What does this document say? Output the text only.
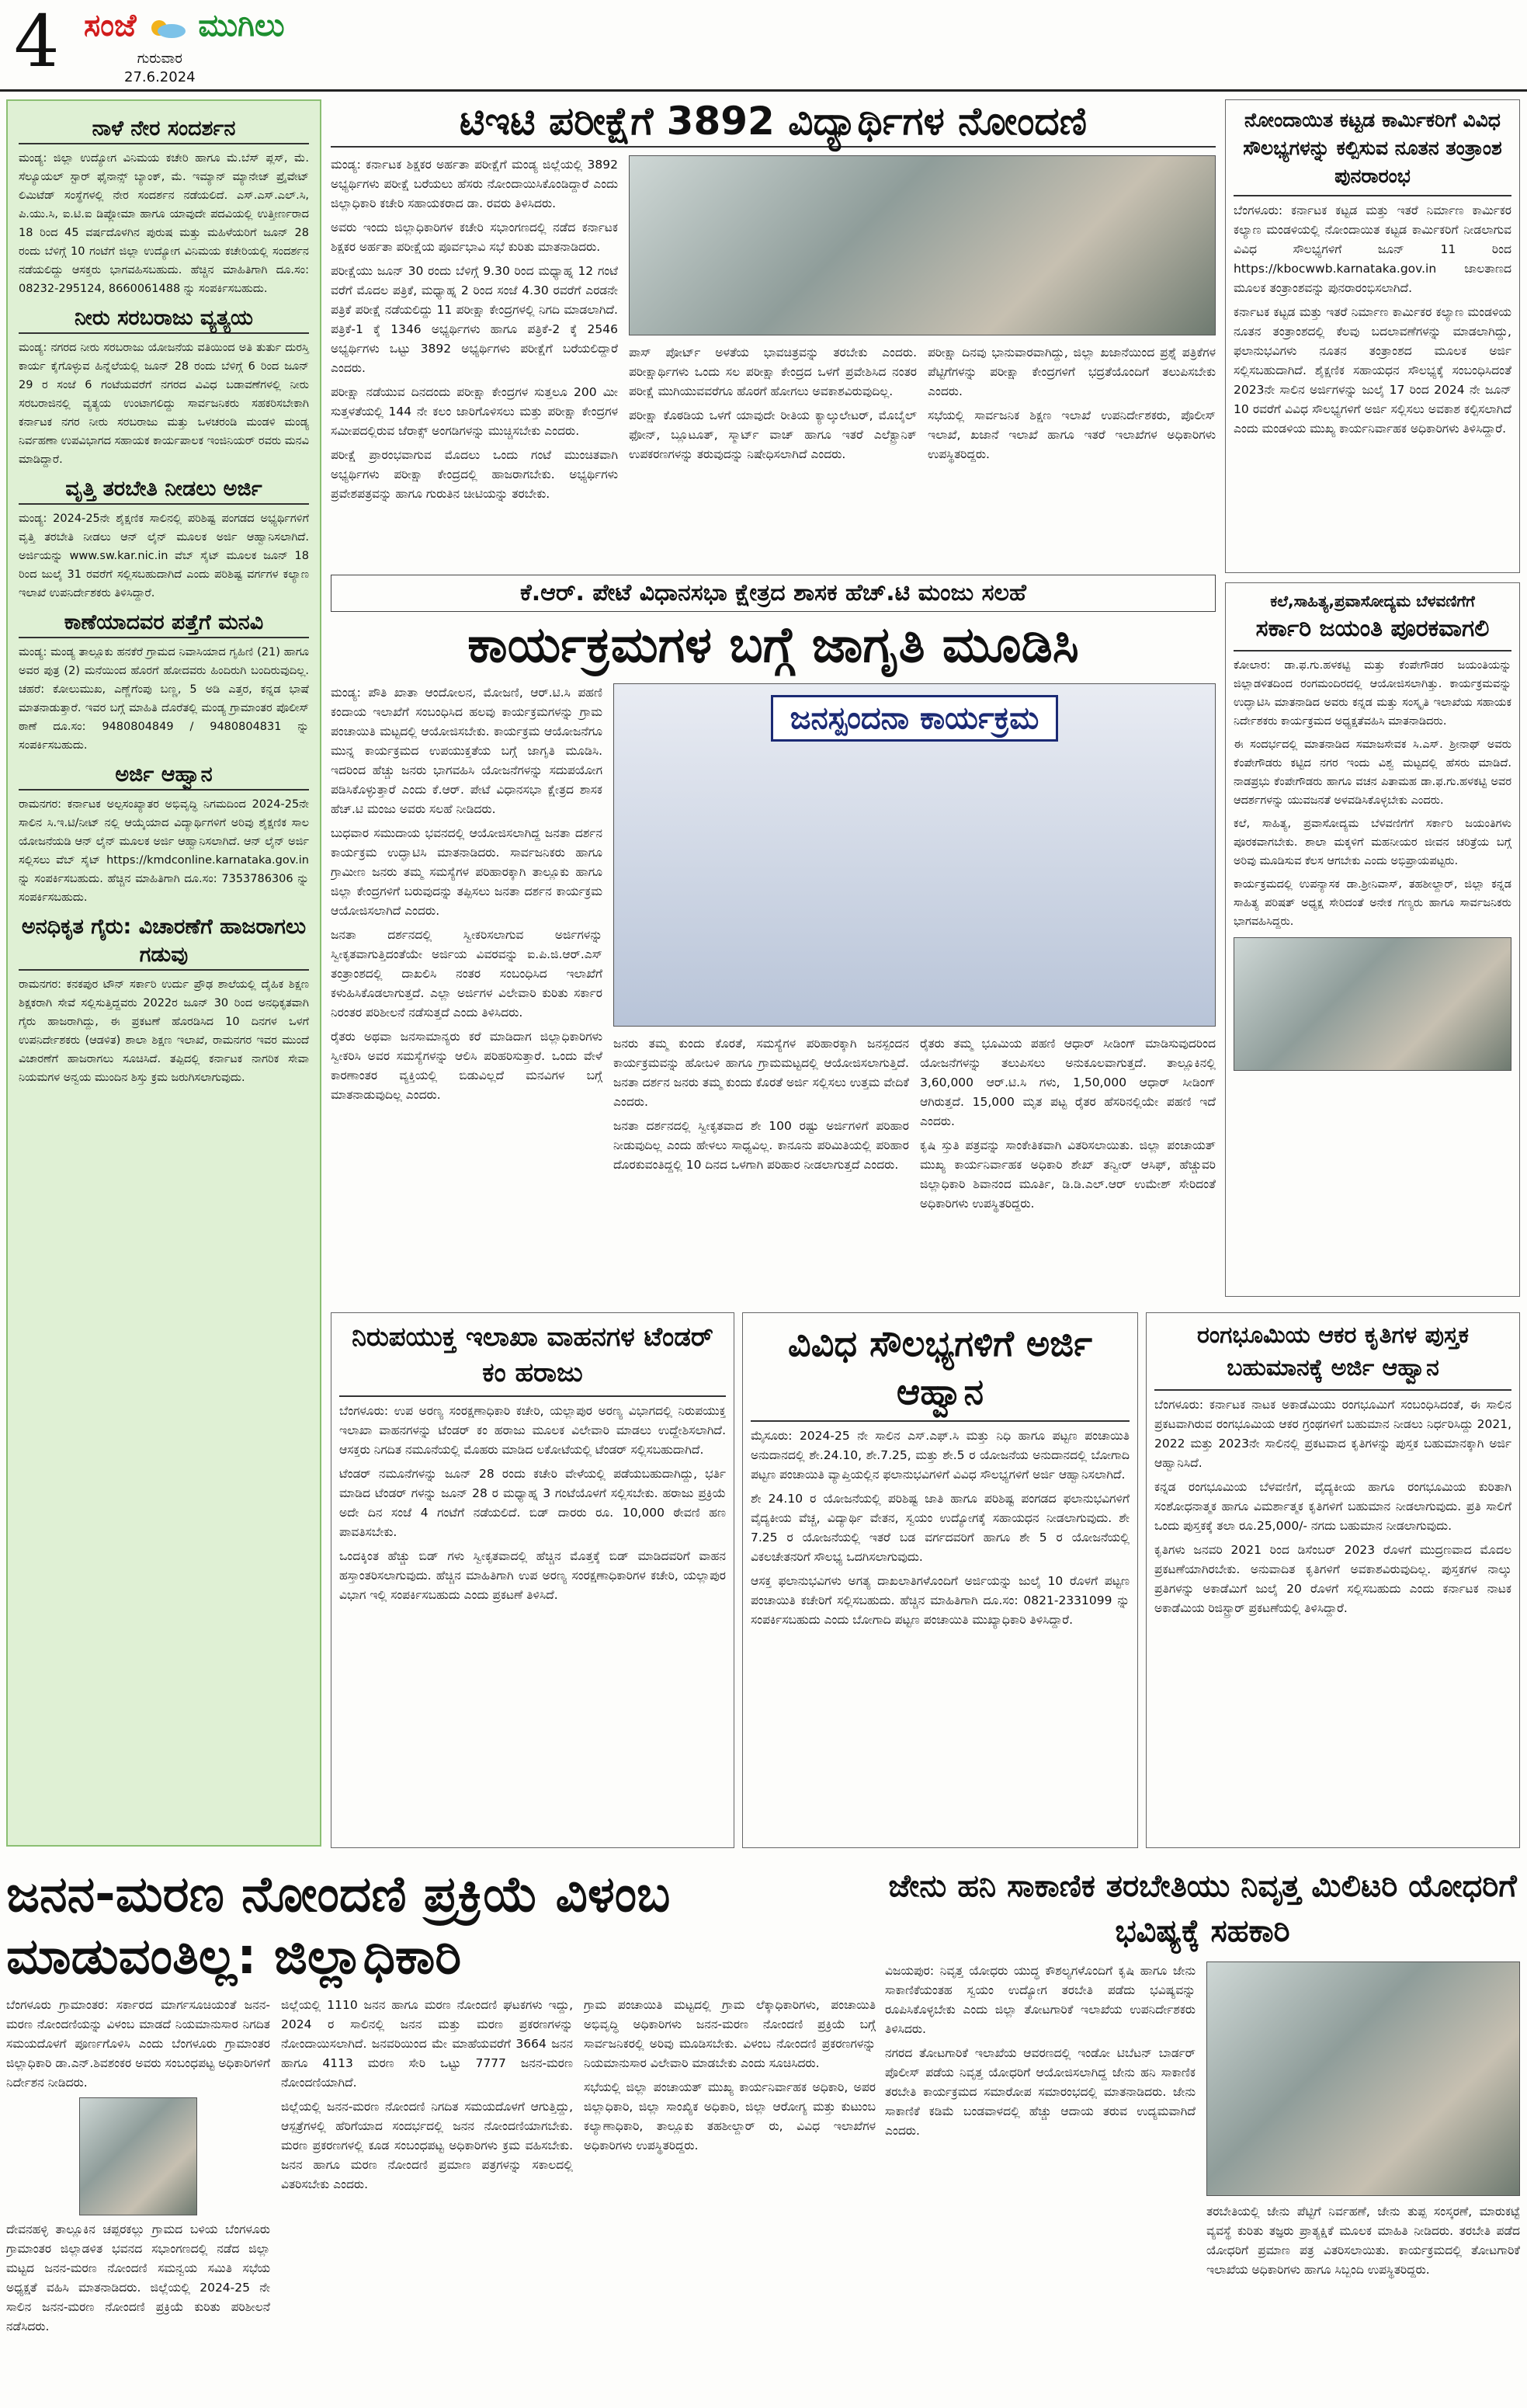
4 ಸಂಜೆ ಮುಗಿಲು
ಗುರುವಾರ
27.6.2024
ನಾಳೆ ನೇರ ಸಂದರ್ಶನ

ಮಂಡ್ಯ: ಜಿಲ್ಲಾ ಉದ್ಯೋಗ ವಿನಿಮಯ ಕಚೇರಿ ಹಾಗೂ ಮೆ.ಬೆಸ್ ಪ್ಲಸ್, ಮೆ. ಸೆಲ್ಯೂಯಲ್ ಸ್ಟಾರ್ ಫೈನಾನ್ಸ್ ಬ್ಯಾಂಕ್, ಮೆ. ಇಮ್ಯಾನ್ ಮ್ಯಾನೇಜ್ ಪ್ರೈವೇಟ್ ಲಿಮಿಟೆಡ್ ಸಂಸ್ಥೆಗಳಲ್ಲಿ ನೇರ ಸಂದರ್ಶನ ನಡೆಯಲಿದೆ. ಎಸ್.ಎಸ್.ಎಲ್.ಸಿ, ಪಿ.ಯು.ಸಿ, ಐ.ಟಿ.ಐ ಡಿಪ್ಲೋಮಾ ಹಾಗೂ ಯಾವುದೇ ಪದವಿಯಲ್ಲಿ ಉತ್ತೀರ್ಣರಾದ 18 ರಿಂದ 45 ವರ್ಷದೊಳಗಿನ ಪುರುಷ ಮತ್ತು ಮಹಿಳೆಯರಿಗೆ ಜೂನ್ 28 ರಂದು ಬೆಳಿಗ್ಗೆ 10 ಗಂಟೆಗೆ ಜಿಲ್ಲಾ ಉದ್ಯೋಗ ವಿನಿಮಯ ಕಚೇರಿಯಲ್ಲಿ ಸಂದರ್ಶನ ನಡೆಯಲಿದ್ದು ಆಸಕ್ತರು ಭಾಗವಹಿಸಬಹುದು. ಹೆಚ್ಚಿನ ಮಾಹಿತಿಗಾಗಿ ದೂ.ಸಂ: 08232-295124, 8660061488 ನ್ನು ಸಂಪರ್ಕಿಸಬಹುದು.

ನೀರು ಸರಬರಾಜು ವ್ಯತ್ಯಯ

ಮಂಡ್ಯ: ನಗರದ ನೀರು ಸರಬರಾಜು ಯೋಜನೆಯ ವತಿಯಿಂದ ಅತಿ ತುರ್ತು ದುರಸ್ತಿ ಕಾರ್ಯ ಕೈಗೊಳ್ಳುವ ಹಿನ್ನೆಲೆಯಲ್ಲಿ ಜೂನ್ 28 ರಂದು ಬೆಳಿಗ್ಗೆ 6 ರಿಂದ ಜೂನ್ 29 ರ ಸಂಜೆ 6 ಗಂಟೆಯವರೆಗೆ ನಗರದ ವಿವಿಧ ಬಡಾವಣೆಗಳಲ್ಲಿ ನೀರು ಸರಬರಾಜಿನಲ್ಲಿ ವ್ಯತ್ಯಯ ಉಂಟಾಗಲಿದ್ದು ಸಾರ್ವಜನಿಕರು ಸಹಕರಿಸಬೇಕಾಗಿ ಕರ್ನಾಟಕ ನಗರ ನೀರು ಸರಬರಾಜು ಮತ್ತು ಒಳಚರಂಡಿ ಮಂಡಳಿ ಮಂಡ್ಯ ನಿರ್ವಹಣಾ ಉಪವಿಭಾಗದ ಸಹಾಯಕ ಕಾರ್ಯಪಾಲಕ ಇಂಜಿನಿಯರ್ ರವರು ಮನವಿ ಮಾಡಿದ್ದಾರೆ.

ವೃತ್ತಿ ತರಬೇತಿ ನೀಡಲು ಅರ್ಜಿ

ಮಂಡ್ಯ: 2024-25ನೇ ಶೈಕ್ಷಣಿಕ ಸಾಲಿನಲ್ಲಿ ಪರಿಶಿಷ್ಟ ಪಂಗಡದ ಅಭ್ಯರ್ಥಿಗಳಿಗೆ ವೃತ್ತಿ ತರಬೇತಿ ನೀಡಲು ಆನ್ ಲೈನ್ ಮೂಲಕ ಅರ್ಜಿ ಆಹ್ವಾನಿಸಲಾಗಿದೆ. ಅರ್ಜಿಯನ್ನು www.sw.kar.nic.in ವೆಬ್ ಸೈಟ್ ಮೂಲಕ ಜೂನ್ 18 ರಿಂದ ಜುಲೈ 31 ರವರೆಗೆ ಸಲ್ಲಿಸಬಹುದಾಗಿದೆ ಎಂದು ಪರಿಶಿಷ್ಟ ವರ್ಗಗಳ ಕಲ್ಯಾಣ ಇಲಾಖೆ ಉಪನಿರ್ದೇಶಕರು ತಿಳಿಸಿದ್ದಾರೆ.

ಕಾಣೆಯಾದವರ ಪತ್ತೆಗೆ ಮನವಿ

ಮಂಡ್ಯ: ಮಂಡ್ಯ ತಾಲ್ಲೂಕು ಹನಕೆರೆ ಗ್ರಾಮದ ನಿವಾಸಿಯಾದ ಗೃಹಿಣಿ (21) ಹಾಗೂ ಅವರ ಪುತ್ರ (2) ಮನೆಯಿಂದ ಹೊರಗೆ ಹೋದವರು ಹಿಂದಿರುಗಿ ಬಂದಿರುವುದಿಲ್ಲ. ಚಹರೆ: ಕೋಲುಮುಖ, ಎಣ್ಣೆಗೆಂಪು ಬಣ್ಣ, 5 ಅಡಿ ಎತ್ತರ, ಕನ್ನಡ ಭಾಷೆ ಮಾತನಾಡುತ್ತಾರೆ. ಇವರ ಬಗ್ಗೆ ಮಾಹಿತಿ ದೊರೆತಲ್ಲಿ ಮಂಡ್ಯ ಗ್ರಾಮಾಂತರ ಪೊಲೀಸ್ ಠಾಣೆ ದೂ.ಸಂ: 9480804849 / 9480804831 ನ್ನು ಸಂಪರ್ಕಿಸಬಹುದು.

ಅರ್ಜಿ ಆಹ್ವಾನ

ರಾಮನಗರ: ಕರ್ನಾಟಕ ಅಲ್ಪಸಂಖ್ಯಾತರ ಅಭಿವೃದ್ಧಿ ನಿಗಮದಿಂದ 2024-25ನೇ ಸಾಲಿನ ಸಿ.ಇ.ಟಿ/ನೀಟ್ ನಲ್ಲಿ ಆಯ್ಕೆಯಾದ ವಿದ್ಯಾರ್ಥಿಗಳಿಗೆ ಅರಿವು ಶೈಕ್ಷಣಿಕ ಸಾಲ ಯೋಜನೆಯಡಿ ಆನ್ ಲೈನ್ ಮೂಲಕ ಅರ್ಜಿ ಆಹ್ವಾನಿಸಲಾಗಿದೆ. ಆನ್ ಲೈನ್ ಅರ್ಜಿ ಸಲ್ಲಿಸಲು ವೆಬ್ ಸೈಟ್ https://kmdconline.karnataka.gov.in ನ್ನು ಸಂಪರ್ಕಿಸಬಹುದು. ಹೆಚ್ಚಿನ ಮಾಹಿತಿಗಾಗಿ ದೂ.ಸಂ: 7353786306 ನ್ನು ಸಂಪರ್ಕಿಸಬಹುದು.

ಅನಧಿಕೃತ ಗೈರು: ವಿಚಾರಣೆಗೆ ಹಾಜರಾಗಲು ಗಡುವು

ರಾಮನಗರ: ಕನಕಪುರ ಟೌನ್ ಸರ್ಕಾರಿ ಉರ್ದು ಪ್ರೌಢ ಶಾಲೆಯಲ್ಲಿ ದೈಹಿಕ ಶಿಕ್ಷಣ ಶಿಕ್ಷಕರಾಗಿ ಸೇವೆ ಸಲ್ಲಿಸುತ್ತಿದ್ದವರು 2022ರ ಜೂನ್ 30 ರಿಂದ ಅನಧಿಕೃತವಾಗಿ ಗೈರು ಹಾಜರಾಗಿದ್ದು, ಈ ಪ್ರಕಟಣೆ ಹೊರಡಿಸಿದ 10 ದಿನಗಳ ಒಳಗೆ ಉಪನಿರ್ದೇಶಕರು (ಆಡಳಿತ) ಶಾಲಾ ಶಿಕ್ಷಣ ಇಲಾಖೆ, ರಾಮನಗರ ಇವರ ಮುಂದೆ ವಿಚಾರಣೆಗೆ ಹಾಜರಾಗಲು ಸೂಚಿಸಿದೆ. ತಪ್ಪಿದಲ್ಲಿ ಕರ್ನಾಟಕ ನಾಗರಿಕ ಸೇವಾ ನಿಯಮಗಳ ಅನ್ವಯ ಮುಂದಿನ ಶಿಸ್ತು ಕ್ರಮ ಜರುಗಿಸಲಾಗುವುದು.

ಟಿಇಟಿ ಪರೀಕ್ಷೆಗೆ 3892 ವಿದ್ಯಾರ್ಥಿಗಳ ನೋಂದಣಿ

ಮಂಡ್ಯ: ಕರ್ನಾಟಕ ಶಿಕ್ಷಕರ ಅರ್ಹತಾ ಪರೀಕ್ಷೆಗೆ ಮಂಡ್ಯ ಜಿಲ್ಲೆಯಲ್ಲಿ 3892 ಅಭ್ಯರ್ಥಿಗಳು ಪರೀಕ್ಷೆ ಬರೆಯಲು ಹೆಸರು ನೋಂದಾಯಿಸಿಕೊಂಡಿದ್ದಾರೆ ಎಂದು ಜಿಲ್ಲಾಧಿಕಾರಿ ಕಚೇರಿ ಸಹಾಯಕರಾದ ಡಾ. ರವರು ತಿಳಿಸಿದರು.

ಅವರು ಇಂದು ಜಿಲ್ಲಾಧಿಕಾರಿಗಳ ಕಚೇರಿ ಸಭಾಂಗಣದಲ್ಲಿ ನಡೆದ ಕರ್ನಾಟಕ ಶಿಕ್ಷಕರ ಅರ್ಹತಾ ಪರೀಕ್ಷೆಯ ಪೂರ್ವಭಾವಿ ಸಭೆ ಕುರಿತು ಮಾತನಾಡಿದರು.

ಪರೀಕ್ಷೆಯು ಜೂನ್ 30 ರಂದು ಬೆಳಿಗ್ಗೆ 9.30 ರಿಂದ ಮಧ್ಯಾಹ್ನ 12 ಗಂಟೆ ವರೆಗೆ ಮೊದಲ ಪತ್ರಿಕೆ, ಮಧ್ಯಾಹ್ನ 2 ರಿಂದ ಸಂಜೆ 4.30 ರವರೆಗೆ ಎರಡನೇ ಪತ್ರಿಕೆ ಪರೀಕ್ಷೆ ನಡೆಯಲಿದ್ದು 11 ಪರೀಕ್ಷಾ ಕೇಂದ್ರಗಳಲ್ಲಿ ನಿಗದಿ ಮಾಡಲಾಗಿದೆ. ಪತ್ರಿಕೆ-1 ಕ್ಕೆ 1346 ಅಭ್ಯರ್ಥಿಗಳು ಹಾಗೂ ಪತ್ರಿಕೆ-2 ಕ್ಕೆ 2546 ಅಭ್ಯರ್ಥಿಗಳು ಒಟ್ಟು 3892 ಅಭ್ಯರ್ಥಿಗಳು ಪರೀಕ್ಷೆಗೆ ಬರೆಯಲಿದ್ದಾರೆ ಎಂದರು.

ಪರೀಕ್ಷಾ ನಡೆಯುವ ದಿನದಂದು ಪರೀಕ್ಷಾ ಕೇಂದ್ರಗಳ ಸುತ್ತಲೂ 200 ಮೀ ಸುತ್ತಳತೆಯಲ್ಲಿ 144 ನೇ ಕಲಂ ಜಾರಿಗೊಳಿಸಲು ಮತ್ತು ಪರೀಕ್ಷಾ ಕೇಂದ್ರಗಳ ಸಮೀಪದಲ್ಲಿರುವ ಜೆರಾಕ್ಸ್ ಅಂಗಡಿಗಳನ್ನು ಮುಚ್ಚಿಸಬೇಕು ಎಂದರು.

ಪರೀಕ್ಷೆ ಪ್ರಾರಂಭವಾಗುವ ಮೊದಲು ಒಂದು ಗಂಟೆ ಮುಂಚಿತವಾಗಿ ಅಭ್ಯರ್ಥಿಗಳು ಪರೀಕ್ಷಾ ಕೇಂದ್ರದಲ್ಲಿ ಹಾಜರಾಗಬೇಕು. ಅಭ್ಯರ್ಥಿಗಳು ಪ್ರವೇಶಪತ್ರವನ್ನು ಹಾಗೂ ಗುರುತಿನ ಚೀಟಿಯನ್ನು ತರಬೇಕು.

ಪಾಸ್ ಪೋರ್ಟ್ ಅಳತೆಯ ಭಾವಚಿತ್ರವನ್ನು ತರಬೇಕು ಎಂದರು. ಪರೀಕ್ಷಾರ್ಥಿಗಳು ಒಂದು ಸಲ ಪರೀಕ್ಷಾ ಕೇಂದ್ರದ ಒಳಗೆ ಪ್ರವೇಶಿಸಿದ ನಂತರ ಪರೀಕ್ಷೆ ಮುಗಿಯುವವರೆಗೂ ಹೊರಗೆ ಹೋಗಲು ಅವಕಾಶವಿರುವುದಿಲ್ಲ.

ಪರೀಕ್ಷಾ ಕೊಠಡಿಯ ಒಳಗೆ ಯಾವುದೇ ರೀತಿಯ ಕ್ಯಾಲ್ಕುಲೇಟರ್, ಮೊಬೈಲ್ ಫೋನ್, ಬ್ಲೂಟೂತ್, ಸ್ಮಾರ್ಟ್ ವಾಚ್ ಹಾಗೂ ಇತರೆ ಎಲೆಕ್ಟ್ರಾನಿಕ್ ಉಪಕರಣಗಳನ್ನು ತರುವುದನ್ನು ನಿಷೇಧಿಸಲಾಗಿದೆ ಎಂದರು.

ಪರೀಕ್ಷಾ ದಿನವು ಭಾನುವಾರವಾಗಿದ್ದು, ಜಿಲ್ಲಾ ಖಜಾನೆಯಿಂದ ಪ್ರಶ್ನೆ ಪತ್ರಿಕೆಗಳ ಪೆಟ್ಟಿಗೆಗಳನ್ನು ಪರೀಕ್ಷಾ ಕೇಂದ್ರಗಳಿಗೆ ಭದ್ರತೆಯೊಂದಿಗೆ ತಲುಪಿಸಬೇಕು ಎಂದರು.

ಸಭೆಯಲ್ಲಿ ಸಾರ್ವಜನಿಕ ಶಿಕ್ಷಣ ಇಲಾಖೆ ಉಪನಿರ್ದೇಶಕರು, ಪೊಲೀಸ್ ಇಲಾಖೆ, ಖಜಾನೆ ಇಲಾಖೆ ಹಾಗೂ ಇತರೆ ಇಲಾಖೆಗಳ ಅಧಿಕಾರಿಗಳು ಉಪಸ್ಥಿತರಿದ್ದರು.

ನೋಂದಾಯಿತ ಕಟ್ಟಡ ಕಾರ್ಮಿಕರಿಗೆ ವಿವಿಧ ಸೌಲಭ್ಯಗಳನ್ನು ಕಲ್ಪಿಸುವ ನೂತನ ತಂತ್ರಾಂಶ ಪುನರಾರಂಭ

ಬೆಂಗಳೂರು: ಕರ್ನಾಟಕ ಕಟ್ಟಡ ಮತ್ತು ಇತರೆ ನಿರ್ಮಾಣ ಕಾರ್ಮಿಕರ ಕಲ್ಯಾಣ ಮಂಡಳಿಯಲ್ಲಿ ನೋಂದಾಯಿತ ಕಟ್ಟಡ ಕಾರ್ಮಿಕರಿಗೆ ನೀಡಲಾಗುವ ವಿವಿಧ ಸೌಲಭ್ಯಗಳಿಗೆ ಜೂನ್ 11 ರಿಂದ https://kbocwwb.karnataka.gov.in ಜಾಲತಾಣದ ಮೂಲಕ ತಂತ್ರಾಂಶವನ್ನು ಪುನರಾರಂಭಿಸಲಾಗಿದೆ.

ಕರ್ನಾಟಕ ಕಟ್ಟಡ ಮತ್ತು ಇತರೆ ನಿರ್ಮಾಣ ಕಾರ್ಮಿಕರ ಕಲ್ಯಾಣ ಮಂಡಳಿಯ ನೂತನ ತಂತ್ರಾಂಶದಲ್ಲಿ ಕೆಲವು ಬದಲಾವಣೆಗಳನ್ನು ಮಾಡಲಾಗಿದ್ದು, ಫಲಾನುಭವಿಗಳು ನೂತನ ತಂತ್ರಾಂಶದ ಮೂಲಕ ಅರ್ಜಿ ಸಲ್ಲಿಸಬಹುದಾಗಿದೆ. ಶೈಕ್ಷಣಿಕ ಸಹಾಯಧನ ಸೌಲಭ್ಯಕ್ಕೆ ಸಂಬಂಧಿಸಿದಂತೆ 2023ನೇ ಸಾಲಿನ ಅರ್ಜಿಗಳನ್ನು ಜುಲೈ 17 ರಿಂದ 2024 ನೇ ಜೂನ್ 10 ರವರೆಗೆ ವಿವಿಧ ಸೌಲಭ್ಯಗಳಿಗೆ ಅರ್ಜಿ ಸಲ್ಲಿಸಲು ಅವಕಾಶ ಕಲ್ಪಿಸಲಾಗಿದೆ ಎಂದು ಮಂಡಳಿಯ ಮುಖ್ಯ ಕಾರ್ಯನಿರ್ವಾಹಕ ಅಧಿಕಾರಿಗಳು ತಿಳಿಸಿದ್ದಾರೆ.

ಕೆ.ಆರ್. ಪೇಟೆ ವಿಧಾನಸಭಾ ಕ್ಷೇತ್ರದ ಶಾಸಕ ಹೆಚ್.ಟಿ ಮಂಜು ಸಲಹೆ
ಕಾರ್ಯಕ್ರಮಗಳ ಬಗ್ಗೆ ಜಾಗೃತಿ ಮೂಡಿಸಿ

ಮಂಡ್ಯ: ಪೌತಿ ಖಾತಾ ಆಂದೋಲನ, ಮೋಜಣಿ, ಆರ್.ಟಿ.ಸಿ ಪಹಣಿ ಕಂದಾಯ ಇಲಾಖೆಗೆ ಸಂಬಂಧಿಸಿದ ಹಲವು ಕಾರ್ಯಕ್ರಮಗಳನ್ನು ಗ್ರಾಮ ಪಂಚಾಯಿತಿ ಮಟ್ಟದಲ್ಲಿ ಆಯೋಜಿಸಬೇಕು. ಕಾರ್ಯಕ್ರಮ ಆಯೋಜನೆಗೂ ಮುನ್ನ ಕಾರ್ಯಕ್ರಮದ ಉಪಯುಕ್ತತೆಯ ಬಗ್ಗೆ ಜಾಗೃತಿ ಮೂಡಿಸಿ. ಇದರಿಂದ ಹೆಚ್ಚು ಜನರು ಭಾಗವಹಿಸಿ ಯೋಜನೆಗಳನ್ನು ಸದುಪಯೋಗ ಪಡಿಸಿಕೊಳ್ಳುತ್ತಾರೆ ಎಂದು ಕೆ.ಆರ್. ಪೇಟೆ ವಿಧಾನಸಭಾ ಕ್ಷೇತ್ರದ ಶಾಸಕ ಹೆಚ್.ಟಿ ಮಂಜು ಅವರು ಸಲಹೆ ನೀಡಿದರು.

ಬುಧವಾರ ಸಮುದಾಯ ಭವನದಲ್ಲಿ ಆಯೋಜಿಸಲಾಗಿದ್ದ ಜನತಾ ದರ್ಶನ ಕಾರ್ಯಕ್ರಮ ಉದ್ಘಾಟಿಸಿ ಮಾತನಾಡಿದರು. ಸಾರ್ವಜನಿಕರು ಹಾಗೂ ಗ್ರಾಮೀಣ ಜನರು ತಮ್ಮ ಸಮಸ್ಯೆಗಳ ಪರಿಹಾರಕ್ಕಾಗಿ ತಾಲ್ಲೂಕು ಹಾಗೂ ಜಿಲ್ಲಾ ಕೇಂದ್ರಗಳಿಗೆ ಬರುವುದನ್ನು ತಪ್ಪಿಸಲು ಜನತಾ ದರ್ಶನ ಕಾರ್ಯಕ್ರಮ ಆಯೋಜಿಸಲಾಗಿದೆ ಎಂದರು.

ಜನತಾ ದರ್ಶನದಲ್ಲಿ ಸ್ವೀಕರಿಸಲಾಗುವ ಅರ್ಜಿಗಳನ್ನು ಸ್ವೀಕೃತವಾಗುತ್ತಿದಂತೆಯೇ ಅರ್ಜಿಯ ವಿವರವನ್ನು ಐ.ಪಿ.ಜಿ.ಆರ್.ಎಸ್ ತಂತ್ರಾಂಶದಲ್ಲಿ ದಾಖಲಿಸಿ ನಂತರ ಸಂಬಂಧಿಸಿದ ಇಲಾಖೆಗೆ ಕಳುಹಿಸಿಕೊಡಲಾಗುತ್ತದೆ. ಎಲ್ಲಾ ಅರ್ಜಿಗಳ ವಿಲೇವಾರಿ ಕುರಿತು ಸರ್ಕಾರ ನಿರಂತರ ಪರಿಶೀಲನೆ ನಡೆಸುತ್ತದೆ ಎಂದು ತಿಳಿಸಿದರು.

ರೈತರು ಅಥವಾ ಜನಸಾಮಾನ್ಯರು ಕರೆ ಮಾಡಿದಾಗ ಜಿಲ್ಲಾಧಿಕಾರಿಗಳು ಸ್ವೀಕರಿಸಿ ಅವರ ಸಮಸ್ಯೆಗಳನ್ನು ಆಲಿಸಿ ಪರಿಹರಿಸುತ್ತಾರೆ. ಒಂದು ವೇಳೆ ಕಾರಣಾಂತರ ವ್ಯಕ್ತಿಯಲ್ಲಿ ಬಿಡುವಿಲ್ಲದೆ ಮನವಿಗಳ ಬಗ್ಗೆ ಮಾತನಾಡುವುದಿಲ್ಲ ಎಂದರು.

ಜನಸ್ಪಂದನಾ ಕಾರ್ಯಕ್ರಮ

ಜನರು ತಮ್ಮ ಕುಂದು ಕೊರತೆ, ಸಮಸ್ಯೆಗಳ ಪರಿಹಾರಕ್ಕಾಗಿ ಜನಸ್ಪಂದನ ಕಾರ್ಯಕ್ರಮವನ್ನು ಹೋಬಳಿ ಹಾಗೂ ಗ್ರಾಮಮಟ್ಟದಲ್ಲಿ ಆಯೋಜಿಸಲಾಗುತ್ತಿದೆ. ಜನತಾ ದರ್ಶನ ಜನರು ತಮ್ಮ ಕುಂದು ಕೊರತೆ ಅರ್ಜಿ ಸಲ್ಲಿಸಲು ಉತ್ತಮ ವೇದಿಕೆ ಎಂದರು.

ಜನತಾ ದರ್ಶನದಲ್ಲಿ ಸ್ವೀಕೃತವಾದ ಶೇ 100 ರಷ್ಟು ಅರ್ಜಿಗಳಿಗೆ ಪರಿಹಾರ ನೀಡುವುದಿಲ್ಲ ಎಂದು ಹೇಳಲು ಸಾಧ್ಯವಿಲ್ಲ. ಕಾನೂನು ಪರಿಮಿತಿಯಲ್ಲಿ ಪರಿಹಾರ ದೊರಕುವಂತಿದ್ದಲ್ಲಿ 10 ದಿನದ ಒಳಗಾಗಿ ಪರಿಹಾರ ನೀಡಲಾಗುತ್ತದೆ ಎಂದರು.

ರೈತರು ತಮ್ಮ ಭೂಮಿಯ ಪಹಣಿ ಆಧಾರ್ ಸೀಡಿಂಗ್ ಮಾಡಿಸುವುದರಿಂದ ಯೋಜನೆಗಳನ್ನು ತಲುಪಿಸಲು ಅನುಕೂಲವಾಗುತ್ತದೆ. ತಾಲ್ಲೂಕಿನಲ್ಲಿ 3,60,000 ಆರ್.ಟಿ.ಸಿ ಗಳು, 1,50,000 ಆಧಾರ್ ಸೀಡಿಂಗ್ ಆಗಿರುತ್ತದೆ. 15,000 ಮೃತ ಪಟ್ಟ ರೈತರ ಹೆಸರಿನಲ್ಲಿಯೇ ಪಹಣಿ ಇದೆ ಎಂದರು.

ಕೃಷಿ ಸ್ತುತಿ ಪತ್ರವನ್ನು ಸಾಂಕೇತಿಕವಾಗಿ ವಿತರಿಸಲಾಯಿತು. ಜಿಲ್ಲಾ ಪಂಚಾಯತ್ ಮುಖ್ಯ ಕಾರ್ಯನಿರ್ವಾಹಕ ಅಧಿಕಾರಿ ಶೇಖ್ ತನ್ವೀರ್ ಆಸಿಫ್, ಹೆಚ್ಚುವರಿ ಜಿಲ್ಲಾಧಿಕಾರಿ ಶಿವಾನಂದ ಮೂರ್ತಿ, ಡಿ.ಡಿ.ಎಲ್.ಆರ್ ಉಮೇಶ್ ಸೇರಿದಂತೆ ಅಧಿಕಾರಿಗಳು ಉಪಸ್ಥಿತರಿದ್ದರು.

ಕಲೆ,ಸಾಹಿತ್ಯ,ಪ್ರವಾಸೋದ್ಯಮ ಬೆಳವಣಿಗೆಗೆ
ಸರ್ಕಾರಿ ಜಯಂತಿ ಪೂರಕವಾಗಲಿ

ಕೋಲಾರ: ಡಾ.ಫ.ಗು.ಹಳಕಟ್ಟಿ ಮತ್ತು ಕೆಂಪೇಗೌಡರ ಜಯಂತಿಯನ್ನು ಜಿಲ್ಲಾಡಳಿತದಿಂದ ರಂಗಮಂದಿರದಲ್ಲಿ ಆಯೋಜಿಸಲಾಗಿತ್ತು. ಕಾರ್ಯಕ್ರಮವನ್ನು ಉದ್ಘಾಟಿಸಿ ಮಾತನಾಡಿದ ಅವರು ಕನ್ನಡ ಮತ್ತು ಸಂಸ್ಕೃತಿ ಇಲಾಖೆಯ ಸಹಾಯಕ ನಿರ್ದೇಶಕರು ಕಾರ್ಯಕ್ರಮದ ಅಧ್ಯಕ್ಷತೆವಹಿಸಿ ಮಾತನಾಡಿದರು.

ಈ ಸಂದರ್ಭದಲ್ಲಿ ಮಾತನಾಡಿದ ಸಮಾಜಸೇವಕ ಸಿ.ಎಸ್. ಶ್ರೀನಾಥ್ ಅವರು ಕೆಂಪೇಗೌಡರು ಕಟ್ಟಿದ ನಗರ ಇಂದು ವಿಶ್ವ ಮಟ್ಟದಲ್ಲಿ ಹೆಸರು ಮಾಡಿದೆ. ನಾಡಪ್ರಭು ಕೆಂಪೇಗೌಡರು ಹಾಗೂ ವಚನ ಪಿತಾಮಹ ಡಾ.ಫ.ಗು.ಹಳಕಟ್ಟಿ ಅವರ ಆದರ್ಶಗಳನ್ನು ಯುವಜನತೆ ಅಳವಡಿಸಿಕೊಳ್ಳಬೇಕು ಎಂದರು.

ಕಲೆ, ಸಾಹಿತ್ಯ, ಪ್ರವಾಸೋದ್ಯಮ ಬೆಳವಣಿಗೆಗೆ ಸರ್ಕಾರಿ ಜಯಂತಿಗಳು ಪೂರಕವಾಗಬೇಕು. ಶಾಲಾ ಮಕ್ಕಳಿಗೆ ಮಹನೀಯರ ಜೀವನ ಚರಿತ್ರೆಯ ಬಗ್ಗೆ ಅರಿವು ಮೂಡಿಸುವ ಕೆಲಸ ಆಗಬೇಕು ಎಂದು ಅಭಿಪ್ರಾಯಪಟ್ಟರು.

ಕಾರ್ಯಕ್ರಮದಲ್ಲಿ ಉಪನ್ಯಾಸಕ ಡಾ.ಶ್ರೀನಿವಾಸ್, ತಹಶೀಲ್ದಾರ್, ಜಿಲ್ಲಾ ಕನ್ನಡ ಸಾಹಿತ್ಯ ಪರಿಷತ್ ಅಧ್ಯಕ್ಷ ಸೇರಿದಂತೆ ಅನೇಕ ಗಣ್ಯರು ಹಾಗೂ ಸಾರ್ವಜನಿಕರು ಭಾಗವಹಿಸಿದ್ದರು.

ನಿರುಪಯುಕ್ತ ಇಲಾಖಾ ವಾಹನಗಳ ಟೆಂಡರ್ ಕಂ ಹರಾಜು

ಬೆಂಗಳೂರು: ಉಪ ಅರಣ್ಯ ಸಂರಕ್ಷಣಾಧಿಕಾರಿ ಕಚೇರಿ, ಯಲ್ಲಾಪುರ ಅರಣ್ಯ ವಿಭಾಗದಲ್ಲಿ ನಿರುಪಯುಕ್ತ ಇಲಾಖಾ ವಾಹನಗಳನ್ನು ಟೆಂಡರ್ ಕಂ ಹರಾಜು ಮೂಲಕ ವಿಲೇವಾರಿ ಮಾಡಲು ಉದ್ದೇಶಿಸಲಾಗಿದೆ. ಆಸಕ್ತರು ನಿಗದಿತ ನಮೂನೆಯಲ್ಲಿ ಮೊಹರು ಮಾಡಿದ ಲಕೋಟೆಯಲ್ಲಿ ಟೆಂಡರ್ ಸಲ್ಲಿಸಬಹುದಾಗಿದೆ.

ಟೆಂಡರ್ ನಮೂನೆಗಳನ್ನು ಜೂನ್ 28 ರಂದು ಕಚೇರಿ ವೇಳೆಯಲ್ಲಿ ಪಡೆಯಬಹುದಾಗಿದ್ದು, ಭರ್ತಿ ಮಾಡಿದ ಟೆಂಡರ್ ಗಳನ್ನು ಜೂನ್ 28 ರ ಮಧ್ಯಾಹ್ನ 3 ಗಂಟೆಯೊಳಗೆ ಸಲ್ಲಿಸಬೇಕು. ಹರಾಜು ಪ್ರಕ್ರಿಯೆ ಅದೇ ದಿನ ಸಂಜೆ 4 ಗಂಟೆಗೆ ನಡೆಯಲಿದೆ. ಬಿಡ್ ದಾರರು ರೂ. 10,000 ಠೇವಣಿ ಹಣ ಪಾವತಿಸಬೇಕು.

ಒಂದಕ್ಕಿಂತ ಹೆಚ್ಚು ಬಿಡ್ ಗಳು ಸ್ವೀಕೃತವಾದಲ್ಲಿ ಹೆಚ್ಚಿನ ಮೊತ್ತಕ್ಕೆ ಬಿಡ್ ಮಾಡಿದವರಿಗೆ ವಾಹನ ಹಸ್ತಾಂತರಿಸಲಾಗುವುದು. ಹೆಚ್ಚಿನ ಮಾಹಿತಿಗಾಗಿ ಉಪ ಅರಣ್ಯ ಸಂರಕ್ಷಣಾಧಿಕಾರಿಗಳ ಕಚೇರಿ, ಯಲ್ಲಾಪುರ ವಿಭಾಗ ಇಲ್ಲಿ ಸಂಪರ್ಕಿಸಬಹುದು ಎಂದು ಪ್ರಕಟಣೆ ತಿಳಿಸಿದೆ.

ವಿವಿಧ ಸೌಲಭ್ಯಗಳಿಗೆ ಅರ್ಜಿ ಆಹ್ವಾನ

ಮೈಸೂರು: 2024-25 ನೇ ಸಾಲಿನ ಎಸ್.ಎಫ್.ಸಿ ಮತ್ತು ನಿಧಿ ಹಾಗೂ ಪಟ್ಟಣ ಪಂಚಾಯಿತಿ ಅನುದಾನದಲ್ಲಿ ಶೇ.24.10, ಶೇ.7.25, ಮತ್ತು ಶೇ.5 ರ ಯೋಜನೆಯ ಅನುದಾನದಲ್ಲಿ ಬೋಗಾದಿ ಪಟ್ಟಣ ಪಂಚಾಯಿತಿ ವ್ಯಾಪ್ತಿಯಲ್ಲಿನ ಫಲಾನುಭವಿಗಳಿಗೆ ವಿವಿಧ ಸೌಲಭ್ಯಗಳಿಗೆ ಅರ್ಜಿ ಆಹ್ವಾನಿಸಲಾಗಿದೆ.

ಶೇ 24.10 ರ ಯೋಜನೆಯಲ್ಲಿ ಪರಿಶಿಷ್ಟ ಜಾತಿ ಹಾಗೂ ಪರಿಶಿಷ್ಟ ಪಂಗಡದ ಫಲಾನುಭವಿಗಳಿಗೆ ವೈದ್ಯಕೀಯ ವೆಚ್ಚ, ವಿದ್ಯಾರ್ಥಿ ವೇತನ, ಸ್ವಯಂ ಉದ್ಯೋಗಕ್ಕೆ ಸಹಾಯಧನ ನೀಡಲಾಗುವುದು. ಶೇ 7.25 ರ ಯೋಜನೆಯಲ್ಲಿ ಇತರೆ ಬಡ ವರ್ಗದವರಿಗೆ ಹಾಗೂ ಶೇ 5 ರ ಯೋಜನೆಯಲ್ಲಿ ವಿಕಲಚೇತನರಿಗೆ ಸೌಲಭ್ಯ ಒದಗಿಸಲಾಗುವುದು.

ಆಸಕ್ತ ಫಲಾನುಭವಿಗಳು ಅಗತ್ಯ ದಾಖಲಾತಿಗಳೊಂದಿಗೆ ಅರ್ಜಿಯನ್ನು ಜುಲೈ 10 ರೊಳಗೆ ಪಟ್ಟಣ ಪಂಚಾಯಿತಿ ಕಚೇರಿಗೆ ಸಲ್ಲಿಸಬಹುದು. ಹೆಚ್ಚಿನ ಮಾಹಿತಿಗಾಗಿ ದೂ.ಸಂ: 0821-2331099 ನ್ನು ಸಂಪರ್ಕಿಸಬಹುದು ಎಂದು ಬೋಗಾದಿ ಪಟ್ಟಣ ಪಂಚಾಯಿತಿ ಮುಖ್ಯಾಧಿಕಾರಿ ತಿಳಿಸಿದ್ದಾರೆ.

ರಂಗಭೂಮಿಯ ಆಕರ ಕೃತಿಗಳ ಪುಸ್ತಕ ಬಹುಮಾನಕ್ಕೆ ಅರ್ಜಿ ಆಹ್ವಾನ

ಬೆಂಗಳೂರು: ಕರ್ನಾಟಕ ನಾಟಕ ಅಕಾಡೆಮಿಯು ರಂಗಭೂಮಿಗೆ ಸಂಬಂಧಿಸಿದಂತೆ, ಈ ಸಾಲಿನ ಪ್ರಕಟವಾಗಿರುವ ರಂಗಭೂಮಿಯ ಆಕರ ಗ್ರಂಥಗಳಿಗೆ ಬಹುಮಾನ ನೀಡಲು ನಿರ್ಧರಿಸಿದ್ದು 2021, 2022 ಮತ್ತು 2023ನೇ ಸಾಲಿನಲ್ಲಿ ಪ್ರಕಟವಾದ ಕೃತಿಗಳನ್ನು ಪುಸ್ತಕ ಬಹುಮಾನಕ್ಕಾಗಿ ಅರ್ಜಿ ಆಹ್ವಾನಿಸಿದೆ.

ಕನ್ನಡ ರಂಗಭೂಮಿಯ ಬೆಳವಣಿಗೆ, ವೈದ್ಯಕೀಯ ಹಾಗೂ ರಂಗಭೂಮಿಯ ಕುರಿತಾಗಿ ಸಂಶೋಧನಾತ್ಮಕ ಹಾಗೂ ವಿಮರ್ಶಾತ್ಮಕ ಕೃತಿಗಳಿಗೆ ಬಹುಮಾನ ನೀಡಲಾಗುವುದು. ಪ್ರತಿ ಸಾಲಿಗೆ ಒಂದು ಪುಸ್ತಕಕ್ಕೆ ತಲಾ ರೂ.25,000/- ನಗದು ಬಹುಮಾನ ನೀಡಲಾಗುವುದು.

ಕೃತಿಗಳು ಜನವರಿ 2021 ರಿಂದ ಡಿಸೆಂಬರ್ 2023 ರೊಳಗೆ ಮುದ್ರಣವಾದ ಮೊದಲ ಪ್ರಕಟಣೆಯಾಗಿರಬೇಕು. ಅನುವಾದಿತ ಕೃತಿಗಳಿಗೆ ಅವಕಾಶವಿರುವುದಿಲ್ಲ. ಪುಸ್ತಕಗಳ ನಾಲ್ಕು ಪ್ರತಿಗಳನ್ನು ಅಕಾಡೆಮಿಗೆ ಜುಲೈ 20 ರೊಳಗೆ ಸಲ್ಲಿಸಬಹುದು ಎಂದು ಕರ್ನಾಟಕ ನಾಟಕ ಅಕಾಡೆಮಿಯ ರಿಜಿಸ್ಟ್ರಾರ್ ಪ್ರಕಟಣೆಯಲ್ಲಿ ತಿಳಿಸಿದ್ದಾರೆ.

ಜನನ-ಮರಣ ನೋಂದಣಿ ಪ್ರಕ್ರಿಯೆ ವಿಳಂಬ ಮಾಡುವಂತಿಲ್ಲ: ಜಿಲ್ಲಾಧಿಕಾರಿ

ಬೆಂಗಳೂರು ಗ್ರಾಮಾಂತರ: ಸರ್ಕಾರದ ಮಾರ್ಗಸೂಚಿಯಂತೆ ಜನನ-ಮರಣ ನೋಂದಣಿಯನ್ನು ವಿಳಂಬ ಮಾಡದೆ ನಿಯಮಾನುಸಾರ ನಿಗದಿತ ಸಮಯದೊಳಗೆ ಪೂರ್ಣಗೊಳಿಸಿ ಎಂದು ಬೆಂಗಳೂರು ಗ್ರಾಮಾಂತರ ಜಿಲ್ಲಾಧಿಕಾರಿ ಡಾ.ಎನ್.ಶಿವಶಂಕರ ಅವರು ಸಂಬಂಧಪಟ್ಟ ಅಧಿಕಾರಿಗಳಿಗೆ ನಿರ್ದೇಶನ ನೀಡಿದರು.

ದೇವನಹಳ್ಳಿ ತಾಲ್ಲೂಕಿನ ಚಪ್ಪರಕಲ್ಲು ಗ್ರಾಮದ ಬಳಿಯ ಬೆಂಗಳೂರು ಗ್ರಾಮಾಂತರ ಜಿಲ್ಲಾಡಳಿತ ಭವನದ ಸಭಾಂಗಣದಲ್ಲಿ ನಡೆದ ಜಿಲ್ಲಾ ಮಟ್ಟದ ಜನನ-ಮರಣ ನೋಂದಣಿ ಸಮನ್ವಯ ಸಮಿತಿ ಸಭೆಯ ಅಧ್ಯಕ್ಷತೆ ವಹಿಸಿ ಮಾತನಾಡಿದರು. ಜಿಲ್ಲೆಯಲ್ಲಿ 2024-25 ನೇ ಸಾಲಿನ ಜನನ-ಮರಣ ನೋಂದಣಿ ಪ್ರಕ್ರಿಯೆ ಕುರಿತು ಪರಿಶೀಲನೆ ನಡೆಸಿದರು.

ಜಿಲ್ಲೆಯಲ್ಲಿ 1110 ಜನನ ಹಾಗೂ ಮರಣ ನೋಂದಣಿ ಘಟಕಗಳು ಇದ್ದು, 2024 ರ ಸಾಲಿನಲ್ಲಿ ಜನನ ಮತ್ತು ಮರಣ ಪ್ರಕರಣಗಳನ್ನು ನೋಂದಾಯಿಸಲಾಗಿದೆ. ಜನವರಿಯಿಂದ ಮೇ ಮಾಹೆಯವರೆಗೆ 3664 ಜನನ ಹಾಗೂ 4113 ಮರಣ ಸೇರಿ ಒಟ್ಟು 7777 ಜನನ-ಮರಣ ನೋಂದಣಿಯಾಗಿದೆ.

ಜಿಲ್ಲೆಯಲ್ಲಿ ಜನನ-ಮರಣ ನೋಂದಣಿ ನಿಗದಿತ ಸಮಯದೊಳಗೆ ಆಗುತ್ತಿದ್ದು, ಆಸ್ಪತ್ರೆಗಳಲ್ಲಿ ಹೆರಿಗೆಯಾದ ಸಂದರ್ಭದಲ್ಲಿ ಜನನ ನೋಂದಣಿಯಾಗಬೇಕು. ಮರಣ ಪ್ರಕರಣಗಳಲ್ಲಿ ಕೂಡ ಸಂಬಂಧಪಟ್ಟ ಅಧಿಕಾರಿಗಳು ಕ್ರಮ ವಹಿಸಬೇಕು. ಜನನ ಹಾಗೂ ಮರಣ ನೋಂದಣಿ ಪ್ರಮಾಣ ಪತ್ರಗಳನ್ನು ಸಕಾಲದಲ್ಲಿ ವಿತರಿಸಬೇಕು ಎಂದರು.

ಗ್ರಾಮ ಪಂಚಾಯಿತಿ ಮಟ್ಟದಲ್ಲಿ ಗ್ರಾಮ ಲೆಕ್ಕಾಧಿಕಾರಿಗಳು, ಪಂಚಾಯಿತಿ ಅಭಿವೃದ್ಧಿ ಅಧಿಕಾರಿಗಳು ಜನನ-ಮರಣ ನೋಂದಣಿ ಪ್ರಕ್ರಿಯೆ ಬಗ್ಗೆ ಸಾರ್ವಜನಿಕರಲ್ಲಿ ಅರಿವು ಮೂಡಿಸಬೇಕು. ವಿಳಂಬ ನೋಂದಣಿ ಪ್ರಕರಣಗಳನ್ನು ನಿಯಮಾನುಸಾರ ವಿಲೇವಾರಿ ಮಾಡಬೇಕು ಎಂದು ಸೂಚಿಸಿದರು.

ಸಭೆಯಲ್ಲಿ ಜಿಲ್ಲಾ ಪಂಚಾಯತ್ ಮುಖ್ಯ ಕಾರ್ಯನಿರ್ವಾಹಕ ಅಧಿಕಾರಿ, ಅಪರ ಜಿಲ್ಲಾಧಿಕಾರಿ, ಜಿಲ್ಲಾ ಸಾಂಖ್ಯಿಕ ಅಧಿಕಾರಿ, ಜಿಲ್ಲಾ ಆರೋಗ್ಯ ಮತ್ತು ಕುಟುಂಬ ಕಲ್ಯಾಣಾಧಿಕಾರಿ, ತಾಲ್ಲೂಕು ತಹಶೀಲ್ದಾರ್ ರು, ವಿವಿಧ ಇಲಾಖೆಗಳ ಅಧಿಕಾರಿಗಳು ಉಪಸ್ಥಿತರಿದ್ದರು.

ಜೇನು ಹನಿ ಸಾಕಾಣಿಕ ತರಬೇತಿಯು ನಿವೃತ್ತ ಮಿಲಿಟರಿ ಯೋಧರಿಗೆ ಭವಿಷ್ಯಕ್ಕೆ ಸಹಕಾರಿ

ವಿಜಯಪುರ: ನಿವೃತ್ತ ಯೋಧರು ಯುದ್ಧ ಕೌಶಲ್ಯಗಳೊಂದಿಗೆ ಕೃಷಿ ಹಾಗೂ ಜೇನು ಸಾಕಾಣಿಕೆಯಂತಹ ಸ್ವಯಂ ಉದ್ಯೋಗ ತರಬೇತಿ ಪಡೆದು ಭವಿಷ್ಯವನ್ನು ರೂಪಿಸಿಕೊಳ್ಳಬೇಕು ಎಂದು ಜಿಲ್ಲಾ ತೋಟಗಾರಿಕೆ ಇಲಾಖೆಯ ಉಪನಿರ್ದೇಶಕರು ತಿಳಿಸಿದರು.

ನಗರದ ತೋಟಗಾರಿಕೆ ಇಲಾಖೆಯ ಆವರಣದಲ್ಲಿ ಇಂಡೋ ಟಿಬೆಟನ್ ಬಾರ್ಡರ್ ಪೊಲೀಸ್ ಪಡೆಯ ನಿವೃತ್ತ ಯೋಧರಿಗೆ ಆಯೋಜಿಸಲಾಗಿದ್ದ ಜೇನು ಹನಿ ಸಾಕಾಣಿಕ ತರಬೇತಿ ಕಾರ್ಯಕ್ರಮದ ಸಮಾರೋಪ ಸಮಾರಂಭದಲ್ಲಿ ಮಾತನಾಡಿದರು. ಜೇನು ಸಾಕಾಣಿಕೆ ಕಡಿಮೆ ಬಂಡವಾಳದಲ್ಲಿ ಹೆಚ್ಚು ಆದಾಯ ತರುವ ಉದ್ಯಮವಾಗಿದೆ ಎಂದರು.

ತರಬೇತಿಯಲ್ಲಿ ಜೇನು ಪೆಟ್ಟಿಗೆ ನಿರ್ವಹಣೆ, ಜೇನು ತುಪ್ಪ ಸಂಸ್ಕರಣೆ, ಮಾರುಕಟ್ಟೆ ವ್ಯವಸ್ಥೆ ಕುರಿತು ತಜ್ಞರು ಪ್ರಾತ್ಯಕ್ಷಿಕೆ ಮೂಲಕ ಮಾಹಿತಿ ನೀಡಿದರು. ತರಬೇತಿ ಪಡೆದ ಯೋಧರಿಗೆ ಪ್ರಮಾಣ ಪತ್ರ ವಿತರಿಸಲಾಯಿತು. ಕಾರ್ಯಕ್ರಮದಲ್ಲಿ ತೋಟಗಾರಿಕೆ ಇಲಾಖೆಯ ಅಧಿಕಾರಿಗಳು ಹಾಗೂ ಸಿಬ್ಬಂದಿ ಉಪಸ್ಥಿತರಿದ್ದರು.
